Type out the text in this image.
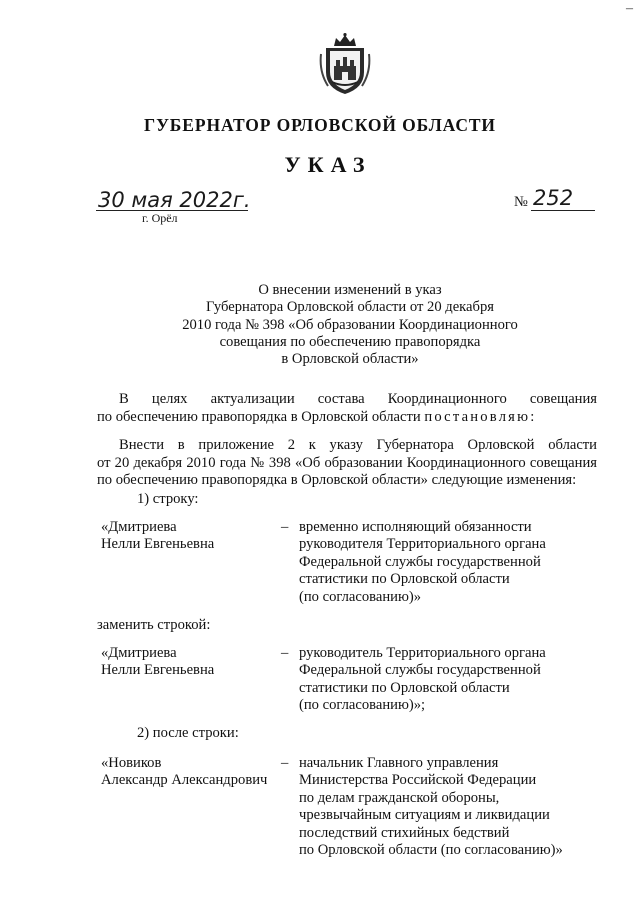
–
ГУБЕРНАТОР ОРЛОВСКОЙ ОБЛАСТИ
УКАЗ
30 мая 2022г.
г. Орёл
№ 252
О внесении изменений в указ
Губернатора Орловской области от 20 декабря
2010 года № 398 «Об образовании Координационного
совещания по обеспечению правопорядка
в Орловской области»
В целях актуализации состава Координационного совещания
по обеспечению правопорядка в Орловской области постановляю:
Внести в приложение 2 к указу Губернатора Орловской области
от 20 декабря 2010 года № 398 «Об образовании Координационного совещания
по обеспечению правопорядка в Орловской области» следующие изменения:
1) строку:
«Дмитриева
Нелли Евгеньевна
– временно исполняющий обязанности
руководителя Территориального органа
Федеральной службы государственной
статистики по Орловской области
(по согласованию)»
заменить строкой:
«Дмитриева
Нелли Евгеньевна
– руководитель Территориального органа
Федеральной службы государственной
статистики по Орловской области
(по согласованию)»;
2) после строки:
«Новиков
Александр Александрович
– начальник Главного управления
Министерства Российской Федерации
по делам гражданской обороны,
чрезвычайным ситуациям и ликвидации
последствий стихийных бедствий
по Орловской области (по согласованию)»
